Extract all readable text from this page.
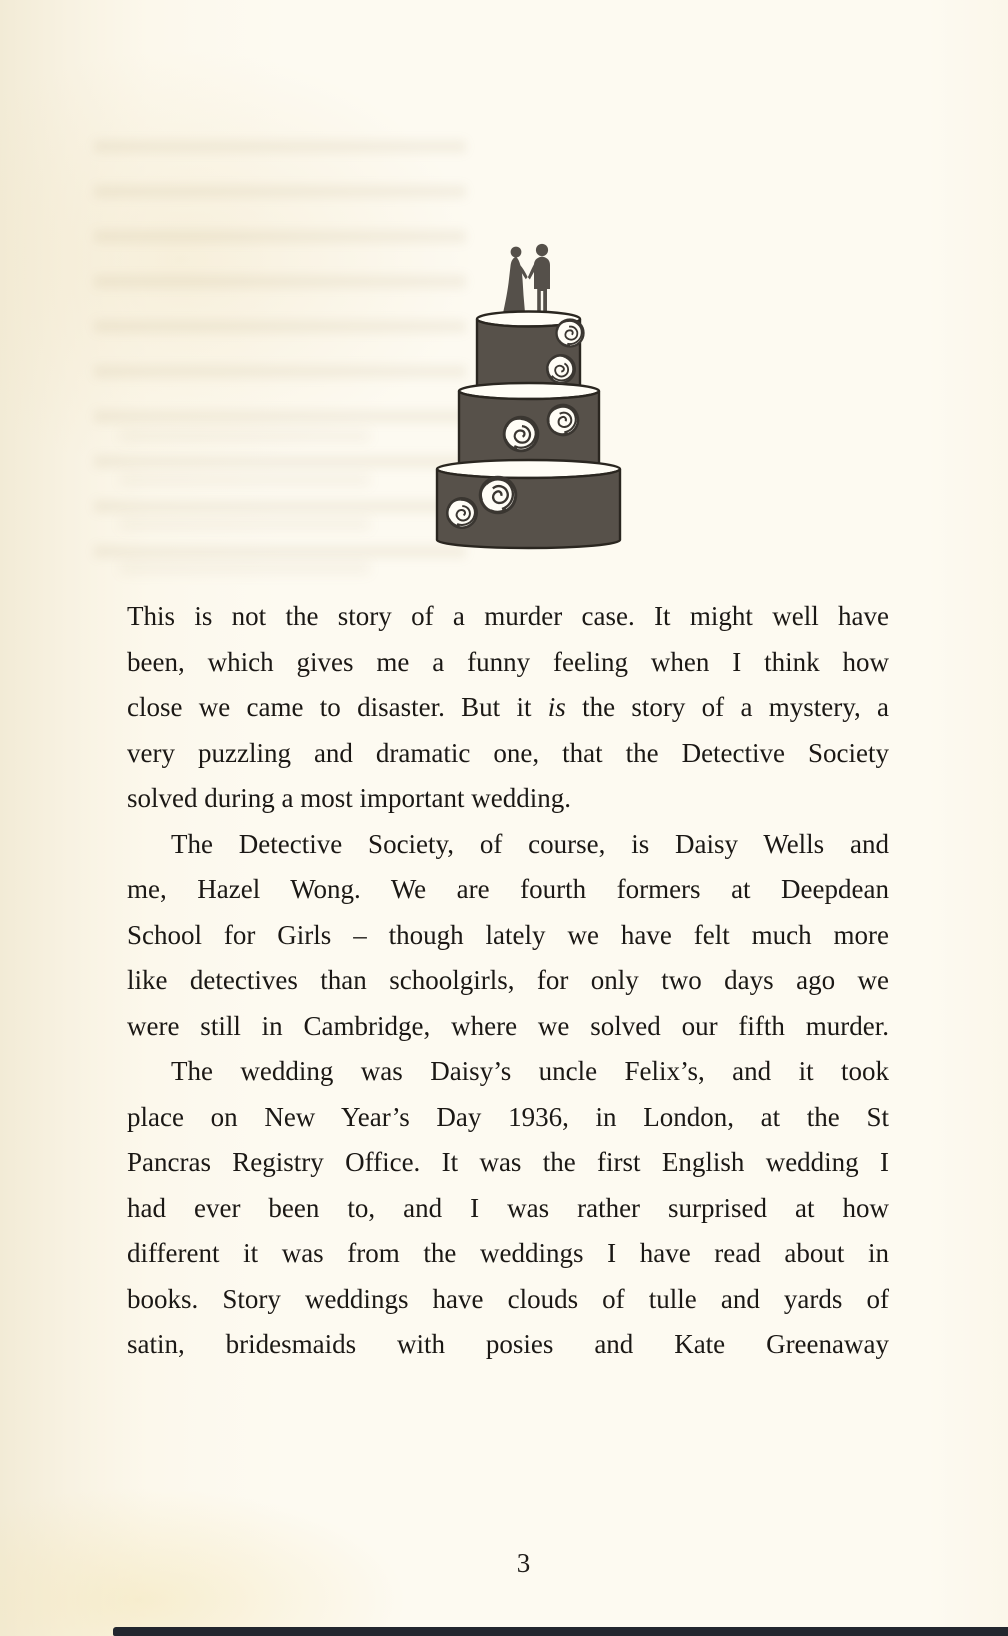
This is not the story of a murder case. It might well have
been, which gives me a funny feeling when I think how
close we came to disaster. But it is the story of a mystery, a
very puzzling and dramatic one, that the Detective Society
solved during a most important wedding.
The Detective Society, of course, is Daisy Wells and
me, Hazel Wong. We are fourth formers at Deepdean
School for Girls – though lately we have felt much more
like detectives than schoolgirls, for only two days ago we
were still in Cambridge, where we solved our fifth murder.
The wedding was Daisy’s uncle Felix’s, and it took
place on New Year’s Day 1936, in London, at the St
Pancras Registry Office. It was the first English wedding I
had ever been to, and I was rather surprised at how
different it was from the weddings I have read about in
books. Story weddings have clouds of tulle and yards of
satin, bridesmaids with posies and Kate Greenaway
3
